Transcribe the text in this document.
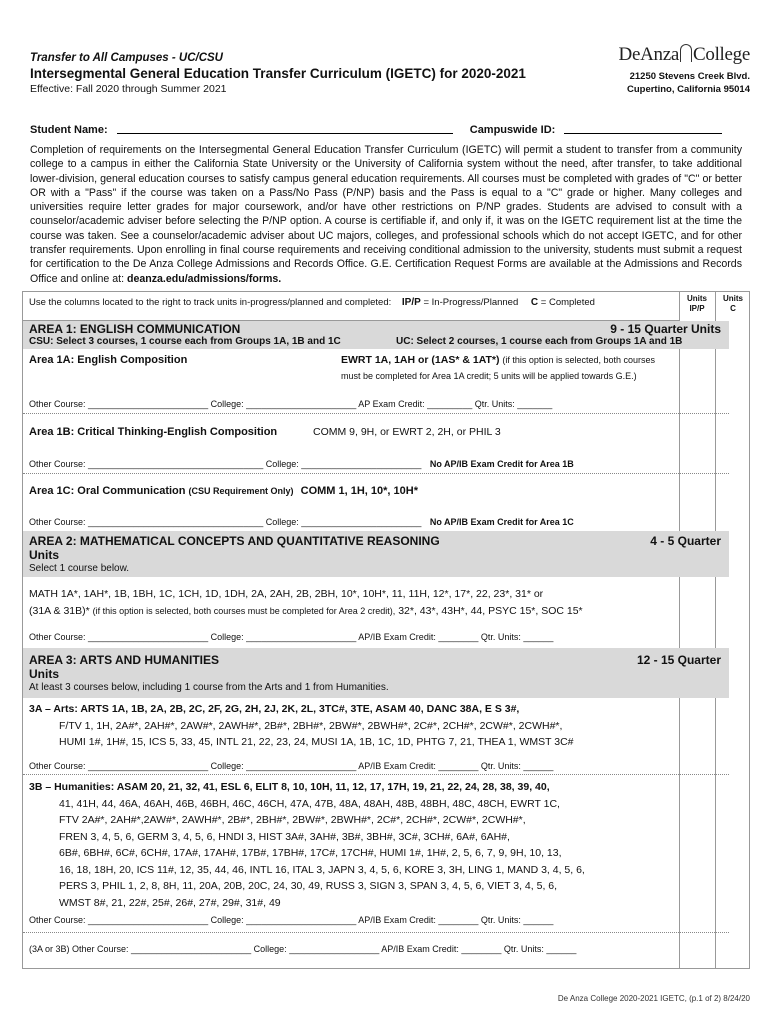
Transfer to All Campuses - UC/CSU
Intersegmental General Education Transfer Curriculum (IGETC) for 2020-2021
Effective: Fall 2020 through Summer 2021
DeAnza College
21250 Stevens Creek Blvd.
Cupertino, California 95014
Student Name:	Campuswide ID:
Completion of requirements on the Intersegmental General Education Transfer Curriculum (IGETC) will permit a student to transfer from a community college to a campus in either the California State University or the University of California system without the need, after transfer, to take additional lower-division, general education courses to satisfy campus general education requirements. All courses must be completed with grades of "C" or better OR with a "Pass" if the course was taken on a Pass/No Pass (P/NP) basis and the Pass is equal to a "C" grade or higher. Many colleges and universities require letter grades for major coursework, and/or have other restrictions on P/NP grades. Students are advised to consult with a counselor/academic adviser before selecting the P/NP option. A course is certifiable if, and only if, it was on the IGETC requirement list at the time the course was taken. See a counselor/academic adviser about UC majors, colleges, and professional schools which do not accept IGETC, and for other transfer requirements. Upon enrolling in final course requirements and receiving conditional admission to the university, students must submit a request for certification to the De Anza College Admissions and Records Office. G.E. Certification Request Forms are available at the Admissions and Records Office and online at: deanza.edu/admissions/forms.
Use the columns located to the right to track units in-progress/planned and completed: IP/P = In-Progress/Planned C = Completed	Units
IP/P
Units
C
AREA 1: ENGLISH COMMUNICATION	9 - 15 Quarter Units
CSU: Select 3 courses, 1 course each from Groups 1A, 1B and 1C	UC: Select 2 courses, 1 course each from Groups 1A and 1B
Area 1A: English Composition	EWRT 1A, 1AH or (1AS* & 1AT*) (if this option is selected, both courses
must be completed for Area 1A credit; 5 units will be applied towards G.E.)
Other Course: ________________________ College: ______________________ AP Exam Credit: _________ Qtr. Units: _______
Area 1B: Critical Thinking-English Composition	COMM 9, 9H, or EWRT 2, 2H, or PHIL 3
Other Course: ___________________________________ College: ________________________ No AP/IB Exam Credit for Area 1B
Area 1C: Oral Communication (CSU Requirement Only) COMM 1, 1H, 10*, 10H*
Other Course: ___________________________________ College: ________________________ No AP/IB Exam Credit for Area 1C
AREA 2: MATHEMATICAL CONCEPTS AND QUANTITATIVE REASONING	4 - 5 Quarter
Units
Select 1 course below.
MATH 1A*, 1AH*, 1B, 1BH, 1C, 1CH, 1D, 1DH, 2A, 2AH, 2B, 2BH, 10*, 10H*, 11, 11H, 12*, 17*, 22, 23*, 31* or
(31A & 31B)* (if this option is selected, both courses must be completed for Area 2 credit), 32*, 43*, 43H*, 44, PSYC 15*, SOC 15*
Other Course: ________________________ College: ______________________ AP/IB Exam Credit: ________ Qtr. Units: ______
AREA 3: ARTS AND HUMANITIES	12 - 15 Quarter
Units
At least 3 courses below, including 1 course from the Arts and 1 from Humanities.
3A – Arts: ARTS 1A, 1B, 2A, 2B, 2C, 2F, 2G, 2H, 2J, 2K, 2L, 3TC#, 3TE, ASAM 40, DANC 38A, E S 3#,
F/TV 1, 1H, 2A#*, 2AH#*, 2AW#*, 2AWH#*, 2B#*, 2BH#*, 2BW#*, 2BWH#*, 2C#*, 2CH#*, 2CW#*, 2CWH#*,
HUMI 1#, 1H#, 15, ICS 5, 33, 45, INTL 21, 22, 23, 24, MUSI 1A, 1B, 1C, 1D, PHTG 7, 21, THEA 1, WMST 3C#
Other Course: ________________________ College: ______________________ AP/IB Exam Credit: ________ Qtr. Units: ______
3B – Humanities: ASAM 20, 21, 32, 41, ESL 6, ELIT 8, 10, 10H, 11, 12, 17, 17H, 19, 21, 22, 24, 28, 38, 39, 40,
41, 41H, 44, 46A, 46AH, 46B, 46BH, 46C, 46CH, 47A, 47B, 48A, 48AH, 48B, 48BH, 48C, 48CH, EWRT 1C,
FTV 2A#*, 2AH#*,2AW#*, 2AWH#*, 2B#*, 2BH#*, 2BW#*, 2BWH#*, 2C#*, 2CH#*, 2CW#*, 2CWH#*,
FREN 3, 4, 5, 6, GERM 3, 4, 5, 6, HNDI 3, HIST 3A#, 3AH#, 3B#, 3BH#, 3C#, 3CH#, 6A#, 6AH#,
6B#, 6BH#, 6C#, 6CH#, 17A#, 17AH#, 17B#, 17BH#, 17C#, 17CH#, HUMI 1#, 1H#, 2, 5, 6, 7, 9, 9H, 10, 13,
16, 18, 18H, 20, ICS 11#, 12, 35, 44, 46, INTL 16, ITAL 3, JAPN 3, 4, 5, 6, KORE 3, 3H, LING 1, MAND 3, 4, 5, 6,
PERS 3, PHIL 1, 2, 8, 8H, 11, 20A, 20B, 20C, 24, 30, 49, RUSS 3, SIGN 3, SPAN 3, 4, 5, 6, VIET 3, 4, 5, 6,
WMST 8#, 21, 22#, 25#, 26#, 27#, 29#, 31#, 49
Other Course: ________________________ College: ______________________ AP/IB Exam Credit: ________ Qtr. Units: ______
(3A or 3B) Other Course: ________________________ College: __________________ AP/IB Exam Credit: ________ Qtr. Units: ______
De Anza College 2020-2021 IGETC, (p.1 of 2) 8/24/20
